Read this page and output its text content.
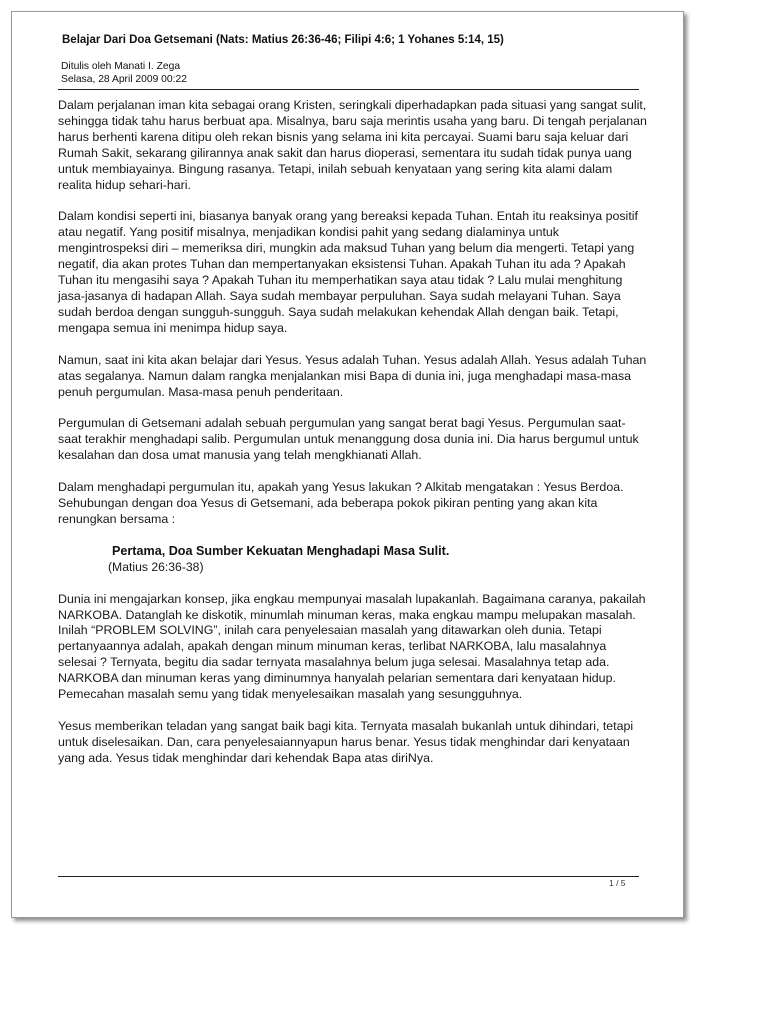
Belajar Dari Doa Getsemani (Nats: Matius 26:36-46; Filipi 4:6; 1 Yohanes 5:14, 15)
Ditulis oleh Manati I. Zega
Selasa, 28 April 2009 00:22

Dalam perjalanan iman kita sebagai orang Kristen, seringkali diperhadapkan pada situasi yang sangat sulit, sehingga tidak tahu harus berbuat apa. Misalnya, baru saja merintis usaha yang baru. Di tengah perjalanan harus berhenti karena ditipu oleh rekan bisnis yang selama ini kita percayai. Suami baru saja keluar dari Rumah Sakit, sekarang gilirannya anak sakit dan harus dioperasi, sementara itu sudah tidak punya uang untuk membiayainya. Bingung rasanya. Tetapi, inilah sebuah kenyataan yang sering kita alami dalam realita hidup sehari-hari.

Dalam kondisi seperti ini, biasanya banyak orang yang bereaksi kepada Tuhan. Entah itu reaksinya positif atau negatif. Yang positif misalnya, menjadikan kondisi pahit yang sedang dialaminya untuk mengintrospeksi diri – memeriksa diri, mungkin ada maksud Tuhan yang belum dia mengerti. Tetapi yang negatif, dia akan protes Tuhan dan mempertanyakan eksistensi Tuhan. Apakah Tuhan itu ada ? Apakah Tuhan itu mengasihi saya ? Apakah Tuhan itu memperhatikan saya atau tidak ? Lalu mulai menghitung jasa-jasanya di hadapan Allah. Saya sudah membayar perpuluhan. Saya sudah melayani Tuhan. Saya sudah berdoa dengan sungguh-sungguh. Saya sudah melakukan kehendak Allah dengan baik. Tetapi, mengapa semua ini menimpa hidup saya.

Namun, saat ini kita akan belajar dari Yesus. Yesus adalah Tuhan. Yesus adalah Allah. Yesus adalah Tuhan atas segalanya. Namun dalam rangka menjalankan misi Bapa di dunia ini, juga menghadapi masa-masa penuh pergumulan. Masa-masa penuh penderitaan.

Pergumulan di Getsemani adalah sebuah pergumulan yang sangat berat bagi Yesus. Pergumulan saat-saat terakhir menghadapi salib. Pergumulan untuk menanggung dosa dunia ini. Dia harus bergumul untuk kesalahan dan dosa umat manusia yang telah mengkhianati Allah.

Dalam menghadapi pergumulan itu, apakah yang Yesus lakukan ? Alkitab mengatakan : Yesus Berdoa. Sehubungan dengan doa Yesus di Getsemani, ada beberapa pokok pikiran penting yang akan kita renungkan bersama :

Pertama, Doa Sumber Kekuatan Menghadapi Masa Sulit.

(Matius 26:36-38)

Dunia ini mengajarkan konsep, jika engkau mempunyai masalah lupakanlah. Bagaimana caranya, pakailah NARKOBA. Datanglah ke diskotik, minumlah minuman keras, maka engkau mampu melupakan masalah. Inilah “PROBLEM SOLVING”, inilah cara penyelesaian masalah yang ditawarkan oleh dunia. Tetapi pertanyaannya adalah, apakah dengan minum minuman keras, terlibat NARKOBA, lalu masalahnya selesai ? Ternyata, begitu dia sadar ternyata masalahnya belum juga selesai. Masalahnya tetap ada. NARKOBA dan minuman keras yang diminumnya hanyalah pelarian sementara dari kenyataan hidup. Pemecahan masalah semu yang tidak menyelesaikan masalah yang sesungguhnya.

Yesus memberikan teladan yang sangat baik bagi kita. Ternyata masalah bukanlah untuk dihindari, tetapi untuk diselesaikan. Dan, cara penyelesaiannyapun harus benar. Yesus tidak menghindar dari kenyataan yang ada. Yesus tidak menghindar dari kehendak Bapa atas diriNya.

1 / 5
